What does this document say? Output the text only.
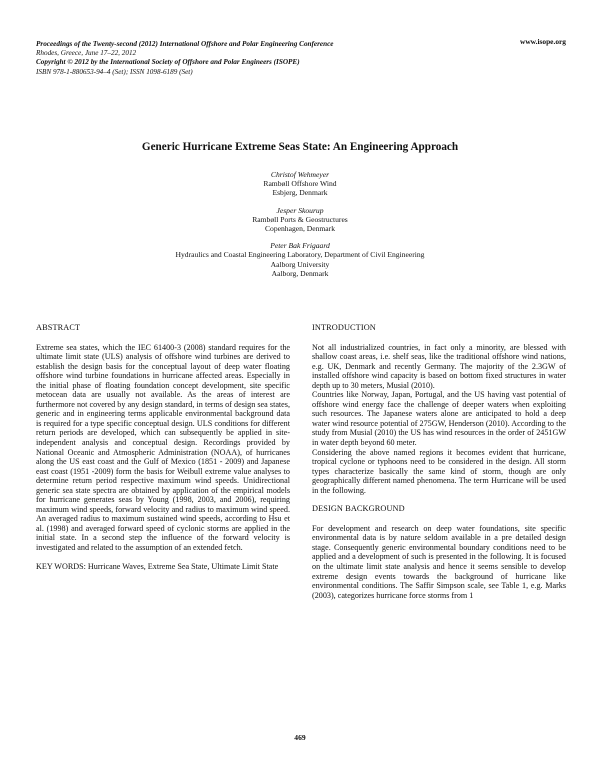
Proceedings of the Twenty-second (2012) International Offshore and Polar Engineering Conference
Rhodes, Greece, June 17–22, 2012
Copyright © 2012 by the International Society of Offshore and Polar Engineers (ISOPE)
ISBN 978-1-880653-94–4 (Set); ISSN 1098-6189 (Set)
www.isope.org
Generic Hurricane Extreme Seas State: An Engineering Approach
Christof Wehmeyer
Rambøll Offshore Wind
Esbjerg, Denmark
Jesper Skourup
Rambøll Ports & Geostructures
Copenhagen, Denmark
Peter Bak Frigaard
Hydraulics and Coastal Engineering Laboratory, Department of Civil Engineering
Aalborg University
Aalborg, Denmark
ABSTRACT

Extreme sea states, which the IEC 61400-3 (2008) standard requires for the ultimate limit state (ULS) analysis of offshore wind turbines are derived to establish the design basis for the conceptual layout of deep water floating offshore wind turbine foundations in hurricane affected areas. Especially in the initial phase of floating foundation concept development, site specific metocean data are usually not available. As the areas of interest are furthermore not covered by any design standard, in terms of design sea states, generic and in engineering terms applicable environmental background data is required for a type specific conceptual design. ULS conditions for different return periods are developed, which can subsequently be applied in site-independent analysis and conceptual design. Recordings provided by National Oceanic and Atmospheric Administration (NOAA), of hurricanes along the US east coast and the Gulf of Mexico (1851 - 2009) and Japanese east coast (1951 -2009) form the basis for Weibull extreme value analyses to determine return period respective maximum wind speeds. Unidirectional generic sea state spectra are obtained by application of the empirical models for hurricane generates seas by Young (1998, 2003, and 2006), requiring maximum wind speeds, forward velocity and radius to maximum wind speed. An averaged radius to maximum sustained wind speeds, according to Hsu et al. (1998) and averaged forward speed of cyclonic storms are applied in the initial state. In a second step the influence of the forward velocity is investigated and related to the assumption of an extended fetch.

KEY WORDS: Hurricane Waves, Extreme Sea State, Ultimate Limit State

INTRODUCTION

Not all industrialized countries, in fact only a minority, are blessed with shallow coast areas, i.e. shelf seas, like the traditional offshore wind nations, e.g. UK, Denmark and recently Germany. The majority of the 2.3GW of installed offshore wind capacity is based on bottom fixed structures in water depth up to 30 meters, Musial (2010).

Countries like Norway, Japan, Portugal, and the US having vast potential of offshore wind energy face the challenge of deeper waters when exploiting such resources. The Japanese waters alone are anticipated to hold a deep water wind resource potential of 275GW, Henderson (2010). According to the study from Musial (2010) the US has wind resources in the order of 2451GW in water depth beyond 60 meter.

Considering the above named regions it becomes evident that hurricane, tropical cyclone or typhoons need to be considered in the design. All storm types characterize basically the same kind of storm, though are only geographically different named phenomena. The term Hurricane will be used in the following.

DESIGN BACKGROUND

For development and research on deep water foundations, site specific environmental data is by nature seldom available in a pre detailed design stage. Consequently generic environmental boundary conditions need to be applied and a development of such is presented in the following. It is focused on the ultimate limit state analysis and hence it seems sensible to develop extreme design events towards the background of hurricane like environmental conditions. The Saffir Simpson scale, see Table 1, e.g. Marks (2003), categorizes hurricane force storms from 1

469
